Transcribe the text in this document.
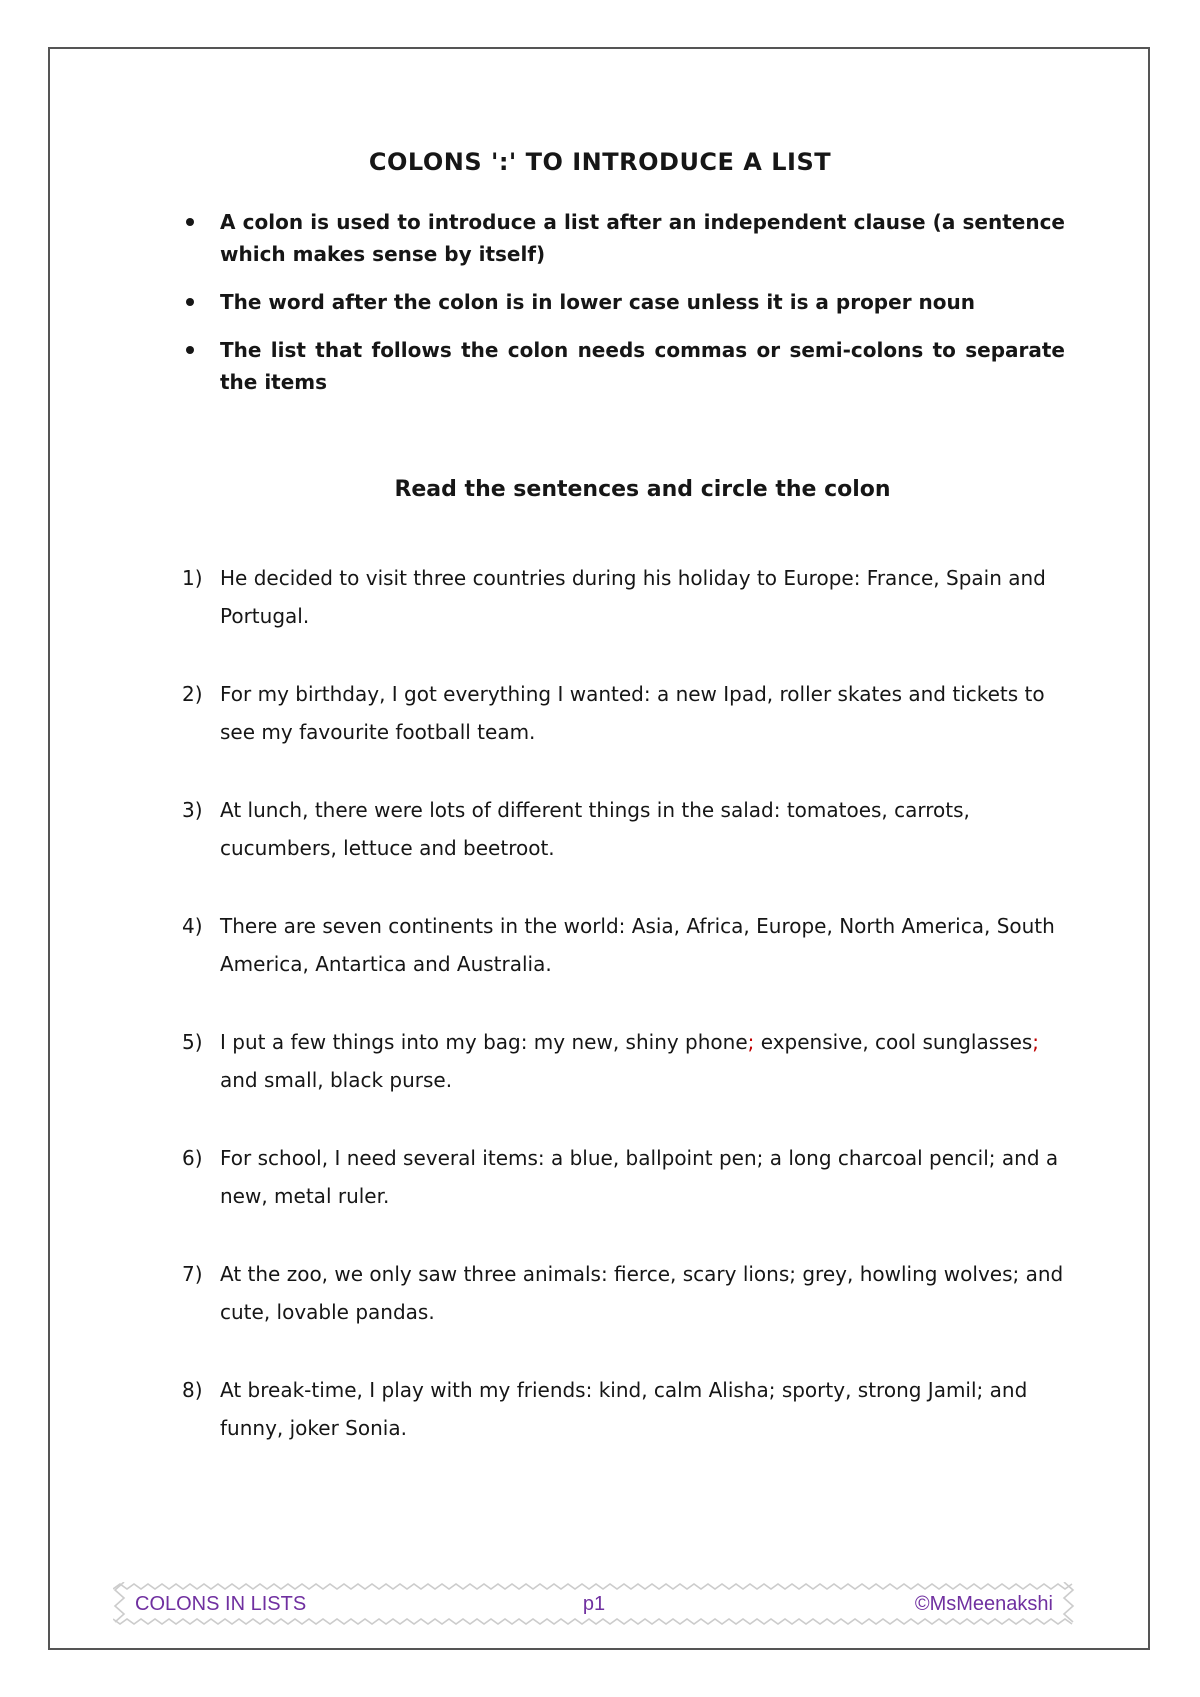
COLONS ':' TO INTRODUCE A LIST
A colon is used to introduce a list after an independent clause (a sentence which makes sense by itself)
The word after the colon is in lower case unless it is a proper noun
The list that follows the colon needs commas or semi-colons to separate the items
Read the sentences and circle the colon
1) He decided to visit three countries during his holiday to Europe: France, Spain and Portugal.
2) For my birthday, I got everything I wanted: a new Ipad, roller skates and tickets to see my favourite football team.
3) At lunch, there were lots of different things in the salad: tomatoes, carrots, cucumbers, lettuce and beetroot.
4) There are seven continents in the world: Asia, Africa, Europe, North America, South America, Antartica and Australia.
5) I put a few things into my bag: my new, shiny phone; expensive, cool sunglasses; and small, black purse.
6) For school, I need several items: a blue, ballpoint pen; a long charcoal pencil; and a new, metal ruler.
7) At the zoo, we only saw three animals: fierce, scary lions; grey, howling wolves; and cute, lovable pandas.
8) At break-time, I play with my friends: kind, calm Alisha; sporty, strong Jamil; and funny, joker Sonia.
COLONS IN LISTS	p1	©MsMeenakshi
